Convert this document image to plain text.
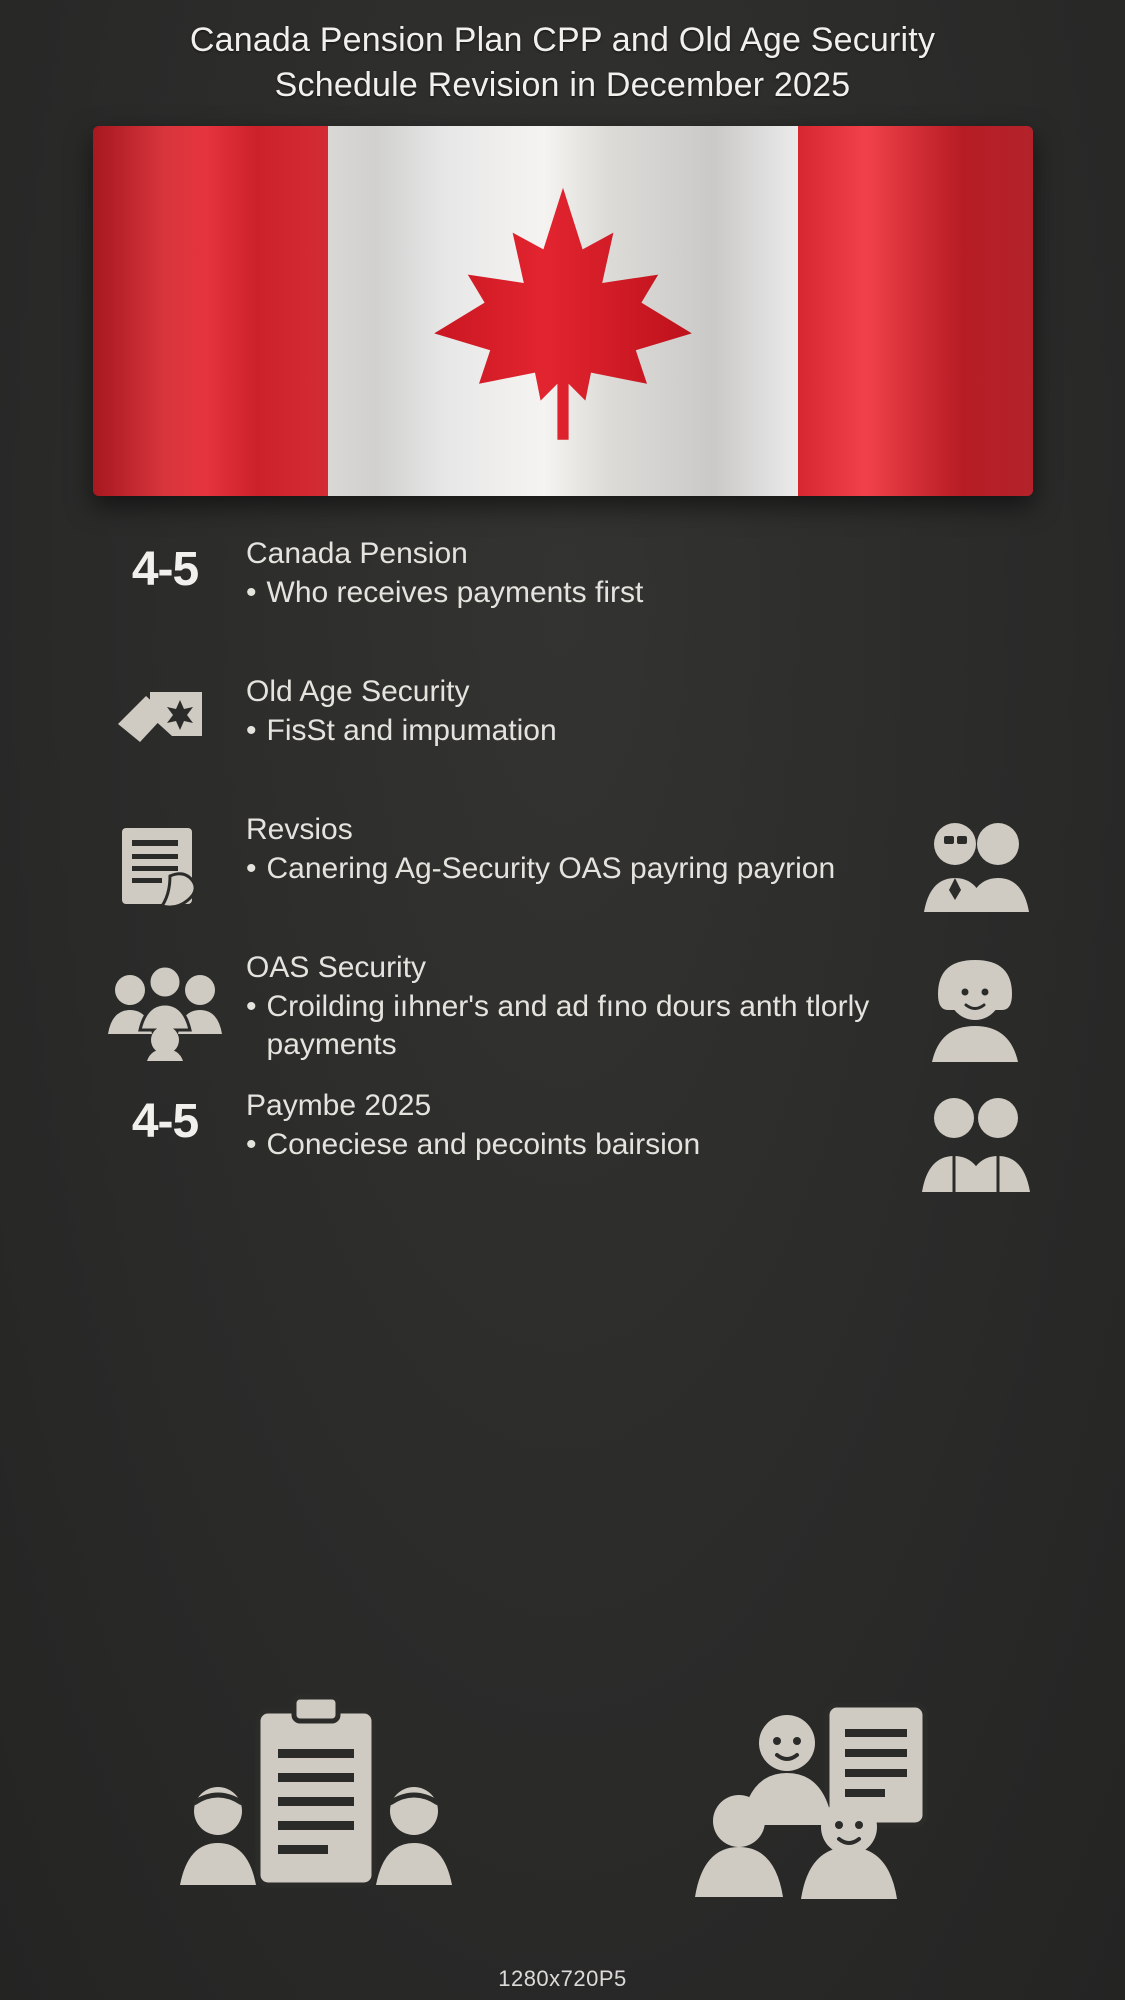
Canada Pension Plan CPP and Old Age Security
Schedule Revision in December 2025
4-5 Canada Pension
• Who receives payments first
Old Age Security
• FisSt and impumation
Revsios
• Canering Ag-Security OAS payring payrion
OAS Security
• Croilding iıhner's and ad fıno dours anth tlorly payments
4-5 Paymbe 2025
• Coneciese and pecoints bairsion
1280x720P5
